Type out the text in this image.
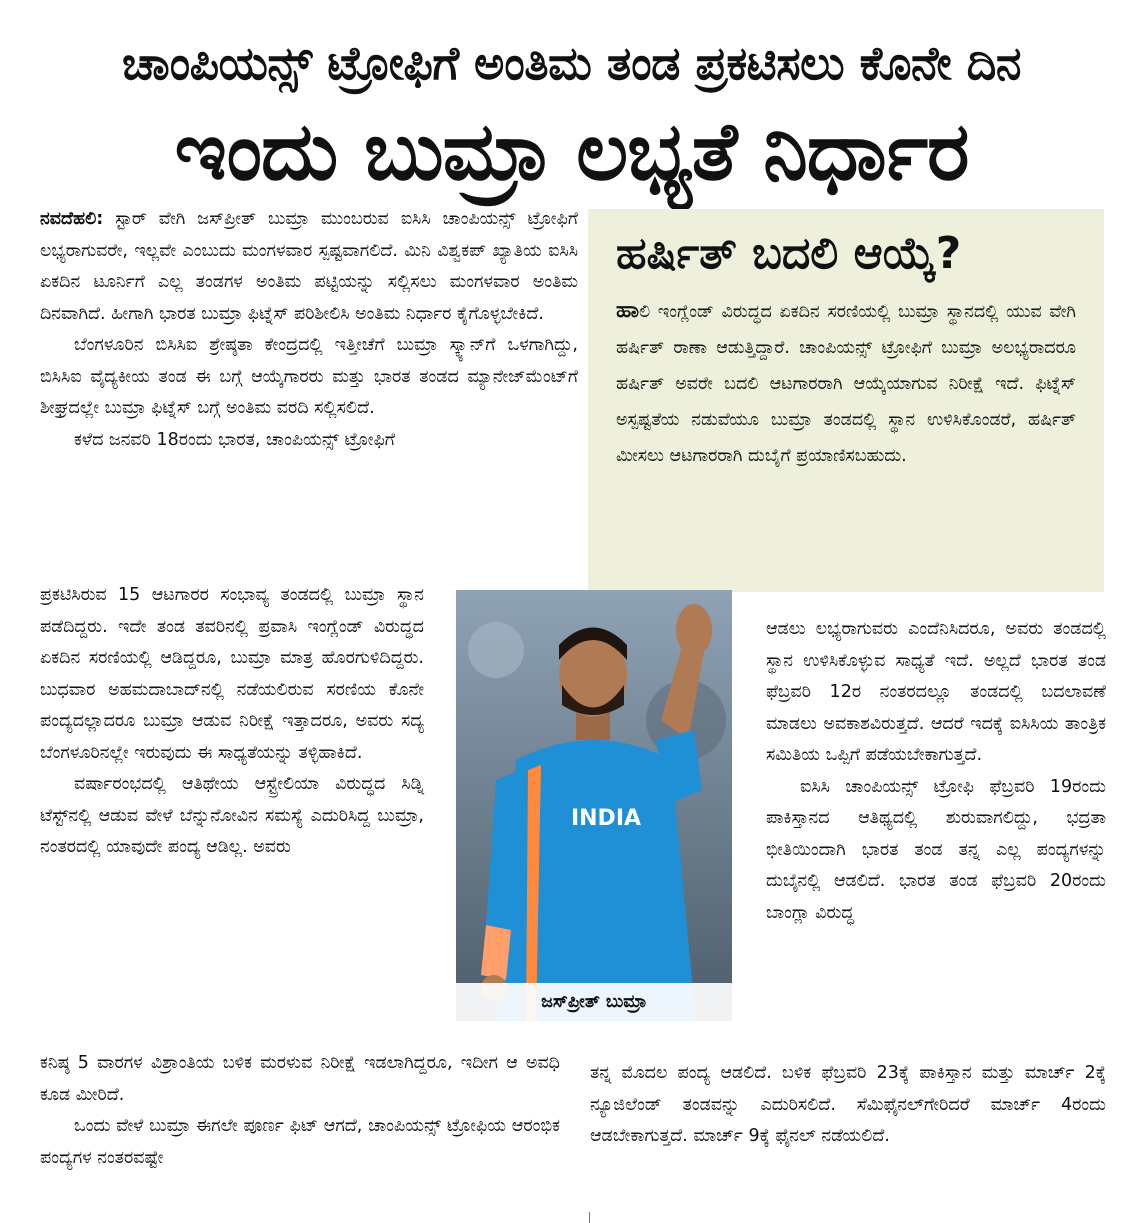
ಚಾಂಪಿಯನ್ಸ್ ಟ್ರೋಫಿಗೆ ಅಂತಿಮ ತಂಡ ಪ್ರಕಟಿಸಲು ಕೊನೇ ದಿನ
ಇಂದು ಬುಮ್ರಾ ಲಭ್ಯತೆ ನಿರ್ಧಾರ

ನವದೆಹಲಿ: ಸ್ಟಾರ್ ವೇಗಿ ಜಸ್‌ಪ್ರೀತ್ ಬುಮ್ರಾ ಮುಂಬರುವ ಐಸಿಸಿ ಚಾಂಪಿಯನ್ಸ್ ಟ್ರೋಫಿಗೆ ಲಭ್ಯರಾಗುವರೇ, ಇಲ್ಲವೇ ಎಂಬುದು ಮಂಗಳವಾರ ಸ್ಪಷ್ಟವಾಗಲಿದೆ. ಮಿನಿ ವಿಶ್ವಕಪ್ ಖ್ಯಾತಿಯ ಐಸಿಸಿ ಏಕದಿನ ಟೂರ್ನಿಗೆ ಎಲ್ಲ ತಂಡಗಳ ಅಂತಿಮ ಪಟ್ಟಿಯನ್ನು ಸಲ್ಲಿಸಲು ಮಂಗಳವಾರ ಅಂತಿಮ ದಿನವಾಗಿದೆ. ಹೀಗಾಗಿ ಭಾರತ ಬುಮ್ರಾ ಫಿಟ್ನೆಸ್ ಪರಿಶೀಲಿಸಿ ಅಂತಿಮ ನಿರ್ಧಾರ ಕೈಗೊಳ್ಳಬೇಕಿದೆ.

ಬೆಂಗಳೂರಿನ ಬಿಸಿಸಿಐ ಶ್ರೇಷ್ಠತಾ ಕೇಂದ್ರದಲ್ಲಿ ಇತ್ತೀಚೆಗೆ ಬುಮ್ರಾ ಸ್ಕ್ಯಾನ್‌ಗೆ ಒಳಗಾಗಿದ್ದು, ಬಿಸಿಸಿಐ ವೈದ್ಯಕೀಯ ತಂಡ ಈ ಬಗ್ಗೆ ಆಯ್ಕೆಗಾರರು ಮತ್ತು ಭಾರತ ತಂಡದ ಮ್ಯಾನೇಜ್‌ಮೆಂಟ್‌ಗೆ ಶೀಘ್ರದಲ್ಲೇ ಬುಮ್ರಾ ಫಿಟ್ನೆಸ್ ಬಗ್ಗೆ ಅಂತಿಮ ವರದಿ ಸಲ್ಲಿಸಲಿದೆ.

ಕಳೆದ ಜನವರಿ 18ರಂದು ಭಾರತ, ಚಾಂಪಿಯನ್ಸ್ ಟ್ರೋಫಿಗೆ

ಪ್ರಕಟಿಸಿರುವ 15 ಆಟಗಾರರ ಸಂಭಾವ್ಯ ತಂಡದಲ್ಲಿ ಬುಮ್ರಾ ಸ್ಥಾನ ಪಡೆದಿದ್ದರು. ಇದೇ ತಂಡ ತವರಿನಲ್ಲಿ ಪ್ರವಾಸಿ ಇಂಗ್ಲೆಂಡ್ ವಿರುದ್ಧದ ಏಕದಿನ ಸರಣಿಯಲ್ಲಿ ಆಡಿದ್ದರೂ, ಬುಮ್ರಾ ಮಾತ್ರ ಹೊರಗುಳಿದಿದ್ದರು. ಬುಧವಾರ ಅಹಮದಾಬಾದ್‌ನಲ್ಲಿ ನಡೆಯಲಿರುವ ಸರಣಿಯ ಕೊನೇ ಪಂದ್ಯದಲ್ಲಾದರೂ ಬುಮ್ರಾ ಆಡುವ ನಿರೀಕ್ಷೆ ಇತ್ತಾದರೂ, ಅವರು ಸದ್ಯ ಬೆಂಗಳೂರಿನಲ್ಲೇ ಇರುವುದು ಈ ಸಾಧ್ಯತೆಯನ್ನು ತಳ್ಳಿಹಾಕಿದೆ.

ವರ್ಷಾರಂಭದಲ್ಲಿ ಆತಿಥೇಯ ಆಸ್ಟ್ರೇಲಿಯಾ ವಿರುದ್ಧದ ಸಿಡ್ನಿ ಟೆಸ್ಟ್‌ನಲ್ಲಿ ಆಡುವ ವೇಳೆ ಬೆನ್ನುನೋವಿನ ಸಮಸ್ಯೆ ಎದುರಿಸಿದ್ದ ಬುಮ್ರಾ, ನಂತರದಲ್ಲಿ ಯಾವುದೇ ಪಂದ್ಯ ಆಡಿಲ್ಲ. ಅವರು

ಕನಿಷ್ಠ 5 ವಾರಗಳ ವಿಶ್ರಾಂತಿಯ ಬಳಿಕ ಮರಳುವ ನಿರೀಕ್ಷೆ ಇಡಲಾಗಿದ್ದರೂ, ಇದೀಗ ಆ ಅವಧಿ ಕೂಡ ಮೀರಿದೆ.

ಒಂದು ವೇಳೆ ಬುಮ್ರಾ ಈಗಲೇ ಪೂರ್ಣ ಫಿಟ್ ಆಗದೆ, ಚಾಂಪಿಯನ್ಸ್ ಟ್ರೋಫಿಯ ಆರಂಭಿಕ ಪಂದ್ಯಗಳ ನಂತರವಷ್ಟೇ

ಹರ್ಷಿತ್ ಬದಲಿ ಆಯ್ಕೆ?

ಹಾಲಿ ಇಂಗ್ಲೆಂಡ್ ವಿರುದ್ಧದ ಏಕದಿನ ಸರಣಿಯಲ್ಲಿ ಬುಮ್ರಾ ಸ್ಥಾನದಲ್ಲಿ ಯುವ ವೇಗಿ ಹರ್ಷಿತ್ ರಾಣಾ ಆಡುತ್ತಿದ್ದಾರೆ. ಚಾಂಪಿಯನ್ಸ್ ಟ್ರೋಫಿಗೆ ಬುಮ್ರಾ ಅಲಭ್ಯರಾದರೂ ಹರ್ಷಿತ್ ಅವರೇ ಬದಲಿ ಆಟಗಾರರಾಗಿ ಆಯ್ಕೆಯಾಗುವ ನಿರೀಕ್ಷೆ ಇದೆ. ಫಿಟ್ನೆಸ್ ಅಸ್ಪಷ್ಟತೆಯ ನಡುವೆಯೂ ಬುಮ್ರಾ ತಂಡದಲ್ಲಿ ಸ್ಥಾನ ಉಳಿಸಿಕೊಂಡರೆ, ಹರ್ಷಿತ್ ಮೀಸಲು ಆಟಗಾರರಾಗಿ ದುಬೈಗೆ ಪ್ರಯಾಣಿಸಬಹುದು.

INDIA
ಜಸ್‌ಪ್ರೀತ್ ಬುಮ್ರಾ

ಆಡಲು ಲಭ್ಯರಾಗುವರು ಎಂದೆನಿಸಿದರೂ, ಅವರು ತಂಡದಲ್ಲಿ ಸ್ಥಾನ ಉಳಿಸಿಕೊಳ್ಳುವ ಸಾಧ್ಯತೆ ಇದೆ. ಅಲ್ಲದೆ ಭಾರತ ತಂಡ ಫೆಬ್ರವರಿ 12ರ ನಂತರದಲ್ಲೂ ತಂಡದಲ್ಲಿ ಬದಲಾವಣೆ ಮಾಡಲು ಅವಕಾಶವಿರುತ್ತದೆ. ಆದರೆ ಇದಕ್ಕೆ ಐಸಿಸಿಯ ತಾಂತ್ರಿಕ ಸಮಿತಿಯ ಒಪ್ಪಿಗೆ ಪಡೆಯಬೇಕಾಗುತ್ತದೆ.

ಐಸಿಸಿ ಚಾಂಪಿಯನ್ಸ್ ಟ್ರೋಫಿ ಫೆಬ್ರವರಿ 19ರಂದು ಪಾಕಿಸ್ತಾನದ ಆತಿಥ್ಯದಲ್ಲಿ ಶುರುವಾಗಲಿದ್ದು, ಭದ್ರತಾ ಭೀತಿಯಿಂದಾಗಿ ಭಾರತ ತಂಡ ತನ್ನ ಎಲ್ಲ ಪಂದ್ಯಗಳನ್ನು ದುಬೈನಲ್ಲಿ ಆಡಲಿದೆ. ಭಾರತ ತಂಡ ಫೆಬ್ರವರಿ 20ರಂದು ಬಾಂಗ್ಲಾ ವಿರುದ್ಧ

ತನ್ನ ಮೊದಲ ಪಂದ್ಯ ಆಡಲಿದೆ. ಬಳಿಕ ಫೆಬ್ರವರಿ 23ಕ್ಕೆ ಪಾಕಿಸ್ತಾನ ಮತ್ತು ಮಾರ್ಚ್ 2ಕ್ಕೆ ನ್ಯೂಜಿಲೆಂಡ್ ತಂಡವನ್ನು ಎದುರಿಸಲಿದೆ. ಸೆಮಿಫೈನಲ್‌ಗೇರಿದರೆ ಮಾರ್ಚ್ 4ರಂದು ಆಡಬೇಕಾಗುತ್ತದೆ. ಮಾರ್ಚ್ 9ಕ್ಕೆ ಫೈನಲ್ ನಡೆಯಲಿದೆ.
